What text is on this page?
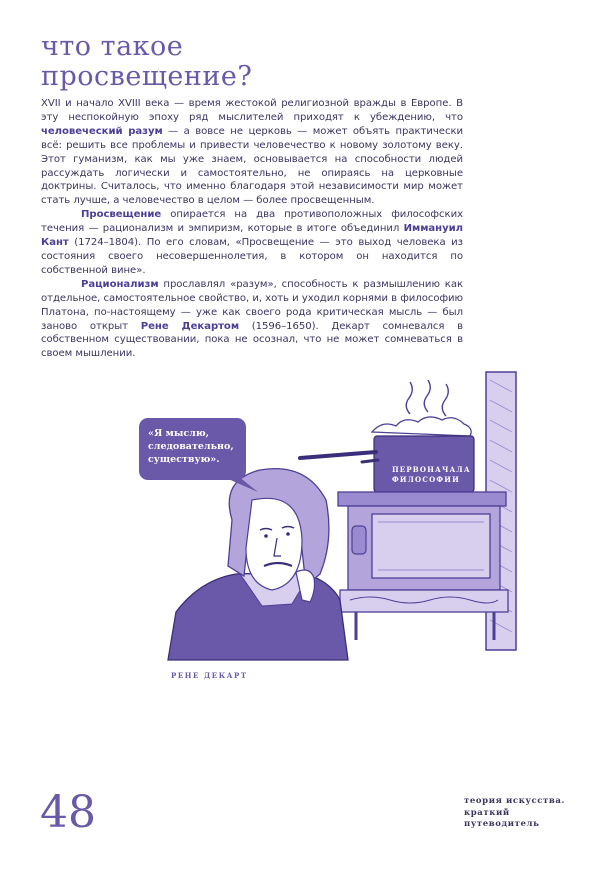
что такое
просвещение?

XVII и начало XVIII века — время жестокой религиозной вражды в Европе. В эту неспокойную эпоху ряд мыслителей приходят к убеждению, что человеческий разум — а вовсе не церковь — может объять практически всё: решить все проблемы и привести человечество к новому золотому веку. Этот гуманизм, как мы уже знаем, основывается на способности людей рассуждать логически и самостоятельно, не опираясь на церковные доктрины. Считалось, что именно благодаря этой независимости мир может стать лучше, а человечество в целом — более просвещенным.

Просвещение опирается на два противоположных философских течения — рационализм и эмпиризм, которые в итоге объединил Иммануил Кант (1724–1804). По его словам, «Просвещение — это выход человека из состояния своего несовершеннолетия, в котором он находится по собственной вине».

Рационализм прославлял «разум», способность к размышлению как отдельное, самостоятельное свойство, и, хоть и уходил корнями в философию Платона, по-настоящему — уже как своего рода критическая мысль — был заново открыт Рене Декартом (1596–1650). Декарт сомневался в собственном существовании, пока не осознал, что не может сомневаться в своем мышлении.

«Я мыслю, следовательно, существую».
ПЕРВОНАЧАЛА ФИЛОСОФИИ
РЕНЕ ДЕКАРТ
48	теория искусства. краткий путеводитель
